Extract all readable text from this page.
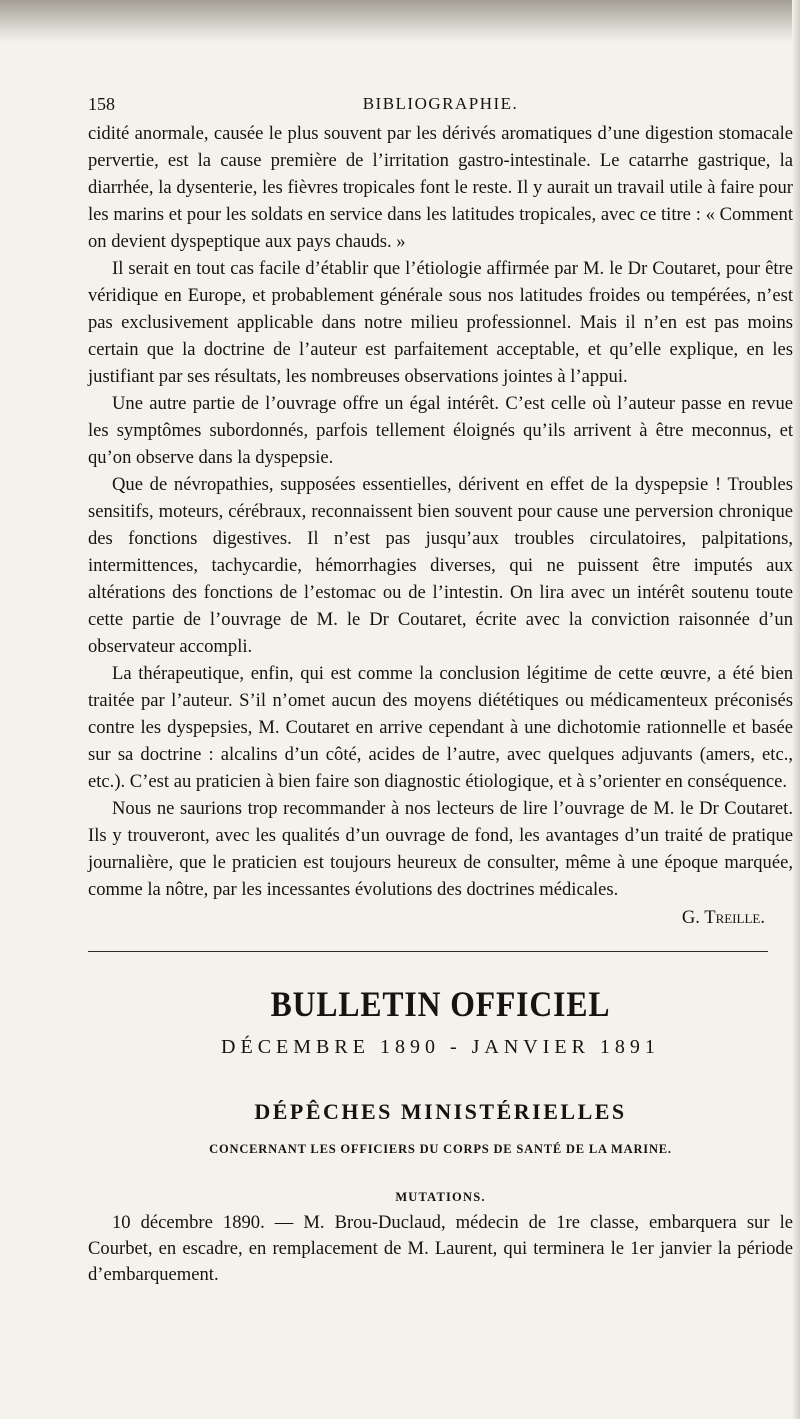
158	BIBLIOGRAPHIE.

cidité anormale, causée le plus souvent par les dérivés aromatiques d’une digestion stomacale pervertie, est la cause première de l’irritation gastro-intestinale. Le catarrhe gastrique, la diarrhée, la dysenterie, les fièvres tropicales font le reste. Il y aurait un travail utile à faire pour les marins et pour les soldats en service dans les latitudes tropicales, avec ce titre : « Comment on devient dyspeptique aux pays chauds. »

Il serait en tout cas facile d’établir que l’étiologie affirmée par M. le Dr Coutaret, pour être véridique en Europe, et probablement générale sous nos latitudes froides ou tempérées, n’est pas exclusivement applicable dans notre milieu professionnel. Mais il n’en est pas moins certain que la doctrine de l’auteur est parfaitement acceptable, et qu’elle explique, en les justifiant par ses résultats, les nombreuses observations jointes à l’appui.

Une autre partie de l’ouvrage offre un égal intérêt. C’est celle où l’auteur passe en revue les symptômes subordonnés, parfois tellement éloignés qu’ils arrivent à être meconnus, et qu’on observe dans la dyspepsie.

Que de névropathies, supposées essentielles, dérivent en effet de la dyspepsie ! Troubles sensitifs, moteurs, cérébraux, reconnaissent bien souvent pour cause une perversion chronique des fonctions digestives. Il n’est pas jusqu’aux troubles circulatoires, palpitations, intermittences, tachycardie, hémorrhagies diverses, qui ne puissent être imputés aux altérations des fonctions de l’estomac ou de l’intestin. On lira avec un intérêt soutenu toute cette partie de l’ouvrage de M. le Dr Coutaret, écrite avec la conviction raisonnée d’un observateur accompli.

La thérapeutique, enfin, qui est comme la conclusion légitime de cette œuvre, a été bien traitée par l’auteur. S’il n’omet aucun des moyens diététiques ou médicamenteux préconisés contre les dyspepsies, M. Coutaret en arrive cependant à une dichotomie rationnelle et basée sur sa doctrine : alcalins d’un côté, acides de l’autre, avec quelques adjuvants (amers, etc., etc.). C’est au praticien à bien faire son diagnostic étiologique, et à s’orienter en conséquence.

Nous ne saurions trop recommander à nos lecteurs de lire l’ouvrage de M. le Dr Coutaret. Ils y trouveront, avec les qualités d’un ouvrage de fond, les avantages d’un traité de pratique journalière, que le praticien est toujours heureux de consulter, même à une époque marquée, comme la nôtre, par les incessantes évolutions des doctrines médicales.

G. Treille.
BULLETIN OFFICIEL
DÉCEMBRE 1890 - JANVIER 1891
DÉPÊCHES MINISTÉRIELLES
CONCERNANT LES OFFICIERS DU CORPS DE SANTÉ DE LA MARINE.
MUTATIONS.

10 décembre 1890. — M. Brou-Duclaud, médecin de 1re classe, embarquera sur le Courbet, en escadre, en remplacement de M. Laurent, qui terminera le 1er janvier la période d’embarquement.
